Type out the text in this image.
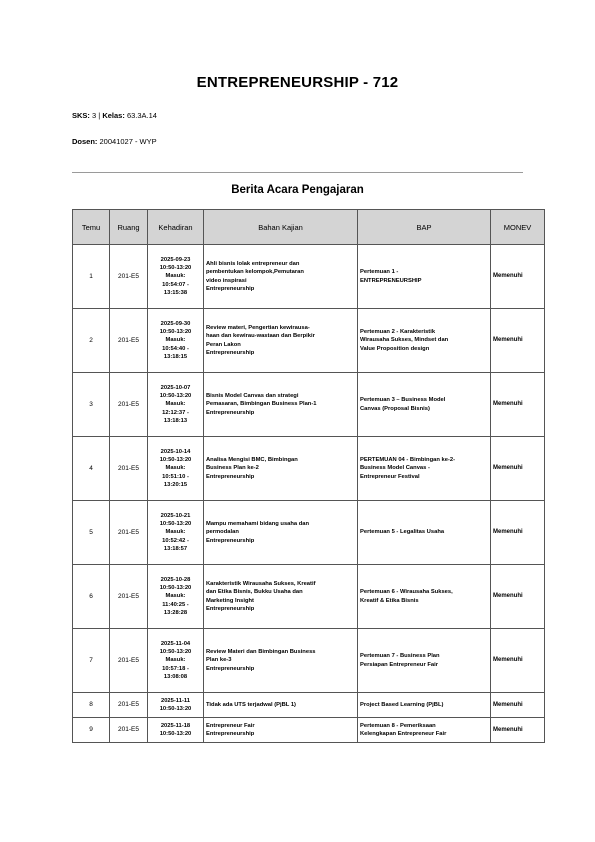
ENTREPRENEURSHIP - 712
SKS: 3 | Kelas: 63.3A.14
Dosen: 20041027 - WYP
Berita Acara Pengajaran
Temu	Ruang	Kehadiran	Bahan Kajian	BAP	MONEV
1	201-E5	2025-09-23
10:50-13:20
Masuk:
10:54:07 -
13:15:38	Ahli bisnis lolak entrepreneur dan
pembentukan kelompok,Pemutaran
video inspirasi
Entrepreneurship	Pertemuan 1 -
ENTREPRENEURSHIP	Memenuhi
2	201-E5	2025-09-30
10:50-13:20
Masuk:
10:54:40 -
13:18:15	Review materi, Pengertian kewirausa-
haan dan kewirau-wastaan dan Berpikir
Peran Lakon
Entrepreneurship	Pertemuan 2 - Karakteristik
Wirausaha Sukses, Mindset dan
Value Proposition design	Memenuhi
3	201-E5	2025-10-07
10:50-13:20
Masuk:
12:12:37 -
13:18:13	Bisnis Model Canvas dan strategi
Pemasaran, Bimbingan Business Plan-1
Entrepreneurship	Pertemuan 3 – Business Model
Canvas (Proposal Bisnis)	Memenuhi
4	201-E5	2025-10-14
10:50-13:20
Masuk:
10:51:10 -
13:20:15	Analisa Mengisi BMC, Bimbingan
Business Plan ke-2
Entrepreneurship	PERTEMUAN 04 - Bimbingan ke-2-
Business Model Canvas -
Entrepreneur Festival	Memenuhi
5	201-E5	2025-10-21
10:50-13:20
Masuk:
10:52:42 -
13:18:57	Mampu memahami bidang usaha dan
permodalan
Entrepreneurship	Pertemuan 5 - Legalitas Usaha	Memenuhi
6	201-E5	2025-10-28
10:50-13:20
Masuk:
11:40:25 -
13:28:28	Karakteristik Wirausaha Sukses, Kreatif
dan Etika Bisnis, Bukku Usaha dan
Marketing Insight
Entrepreneurship	Pertemuan 6 - Wirausaha Sukses,
Kreatif & Etika Bisnis	Memenuhi
7	201-E5	2025-11-04
10:50-13:20
Masuk:
10:57:18 -
13:08:08	Review Materi dan Bimbingan Business
Plan ke-3
Entrepreneurship	Pertemuan 7 - Business Plan
Persiapan Entrepreneur Fair	Memenuhi
8	201-E5	2025-11-11
10:50-13:20	Tidak ada UTS terjadwal (PjBL 1)	Project Based Learning (PjBL)	Memenuhi
9	201-E5	2025-11-18
10:50-13:20	Entrepreneur Fair
Entrepreneurship	Pertemuan 8 - Pemeriksaan
Kelengkapan Entrepreneur Fair	Memenuhi
